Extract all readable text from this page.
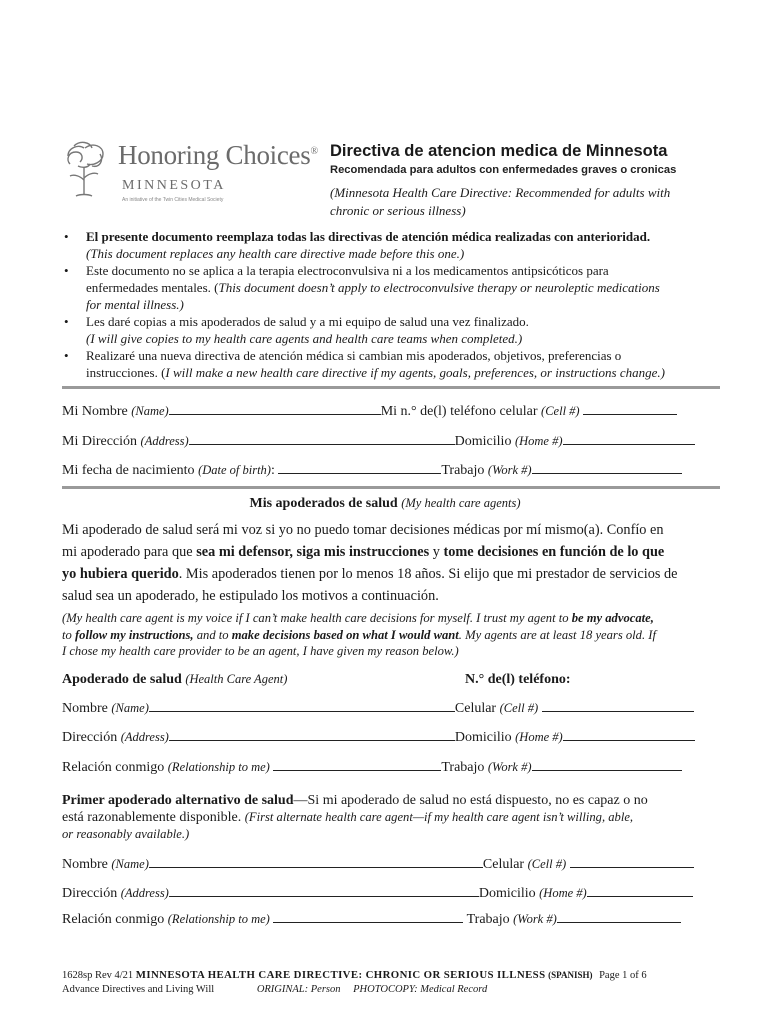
Honoring Choices®
MINNESOTA
An initiative of the Twin Cities Medical Society
Directiva de atencion medica de Minnesota
Recomendada para adultos con enfermedades graves o cronicas
(Minnesota Health Care Directive: Recommended for adults with
chronic or serious illness)
• El presente documento reemplaza todas las directivas de atención médica realizadas con anterioridad.
(This document replaces any health care directive made before this one.)
• Este documento no se aplica a la terapia electroconvulsiva ni a los medicamentos antipsicóticos para
enfermedades mentales. (This document doesn’t apply to electroconvulsive therapy or neuroleptic medications
for mental illness.)
• Les daré copias a mis apoderados de salud y a mi equipo de salud una vez finalizado.
(I will give copies to my health care agents and health care teams when completed.)
• Realizaré una nueva directiva de atención médica si cambian mis apoderados, objetivos, preferencias o
instrucciones. (I will make a new health care directive if my agents, goals, preferences, or instructions change.)
Mi Nombre (Name)	Mi n.° de(l) teléfono celular (Cell #)
Mi Dirección (Address)	Domicilio (Home #)
Mi fecha de nacimiento (Date of birth):	Trabajo (Work #)
Mis apoderados de salud (My health care agents)
Mi apoderado de salud será mi voz si yo no puedo tomar decisiones médicas por mí mismo(a). Confío en
mi apoderado para que sea mi defensor, siga mis instrucciones y tome decisiones en función de lo que
yo hubiera querido. Mis apoderados tienen por lo menos 18 años. Si elijo que mi prestador de servicios de
salud sea un apoderado, he estipulado los motivos a continuación.
(My health care agent is my voice if I can’t make health care decisions for myself. I trust my agent to be my advocate,
to follow my instructions, and to make decisions based on what I would want. My agents are at least 18 years old. If
I chose my health care provider to be an agent, I have given my reason below.)
Apoderado de salud (Health Care Agent)	N.° de(l) teléfono:
Nombre (Name)	Celular (Cell #)
Dirección (Address)	Domicilio (Home #)
Relación conmigo (Relationship to me)	Trabajo (Work #)
Primer apoderado alternativo de salud—Si mi apoderado de salud no está dispuesto, no es capaz o no
está razonablemente disponible. (First alternate health care agent—if my health care agent isn’t willing, able,
or reasonably available.)
Nombre (Name)	Celular (Cell #)
Dirección (Address)	Domicilio (Home #)
Relación conmigo (Relationship to me)	Trabajo (Work #)
1628sp Rev 4/21 MINNESOTA HEALTH CARE DIRECTIVE: CHRONIC OR SERIOUS ILLNESS (SPANISH) Page 1 of 6
Advance Directives and Living Will	ORIGINAL: Person PHOTOCOPY: Medical Record
